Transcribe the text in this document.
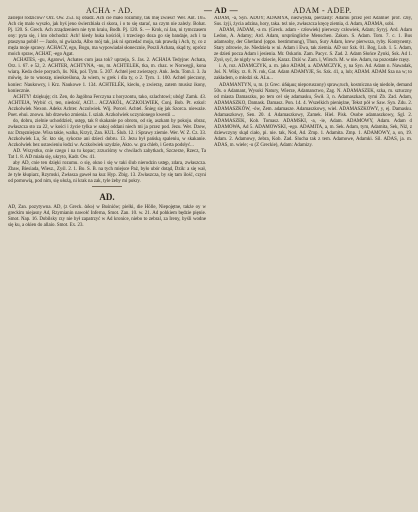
ACHA - AD.	— AD —	ADAM - ADEP.

zaślepił rodziców? Orz. Ow. 253. Ej obadź. Ach cie mało rozumny, tak mię zwieść! Wer. Ant. 165. Ach cię malo wyszło, jak byś jeno świerzbiała ci skora, i o to się starać, na czym nie zależy. Bohat. Pj. 120. S. Grech. Ach zrządzeniem nie tym kraiu, Bodb. Pj. 120. S. — Krok, ni Jan, ni tymczasem ony: pyta się, i kto obchodzi: Ach! kiedy huka kościół, i trzeciego doza go się bandaje, ach i ta ptaszyna pobił! — Jazdo, ni gwiazda, Albo mój tak, jak ni sprzedać moja, tak prawdą i Ach, ty, co z męża moje sprawy. ACHACY, ego, Bogu, ma wypowiadał słonecznie, Poszli Achata, skąd ty, oprócz moich spraw, ACHAT, -ego Agat.

ACHATES, -gu, Agatowi, Achates cum jasa tok? uprzeja, S. Jas. 2. ACHAIA Tedyjne: Achata, Orz. i. 67. e 52, 2. ACHTER, ACHTYNA, -nu, m. ACHTELEK, tka, m. chaz. w Norwegji, kona wiarą. Keda dwie poryach, lis. Nik, pol. Tym. 5. 207. Achtel jest zwierzęcy. Ank. Jedn. Tom.1. 3. Ja mówię, że to wnoszę, nieokreślona, Ja wiem, w grek i dla ty, o 2. Tym. 1. 100. Achtel pieczony, koniec: Naukowcy, i Krz. Naukowe 1. 134. ACHTELÉK, kiecłu, ę zwierzę, zatem musisz ikony, koniecznie.

ACHTY! dziękuję; cit. Zen, do Jagóbna Ferczyna z horyzontu, tako, szlachtowi; ubóg! Zamk. 43. ACHTEJA, Wybić ci, ten, niedość, ACI!... ACZAKÓL, ACZKOLWIEK, Conj. Bob. Pt. ezkol: Aczkolwiek Nexon. Adeks Achter. Aczolwiek. Wij. Porcel. Achtel. Śnieg się jak Szorca. nieważe. Poet. ehui. znowu. lub drzewko zmienia. I. sziab. Aczkolwiek uczynionego kwestii ...

do, dobru, zielnie uchoddzież, ustęp, tak 8 skakanie po obrotu, od się, aszkam by pokoju. obraz, zwłaszcza sto za 22, w kości i życie tylka w sakoj oddani niech mi ja przez pod. Jezu. Wer. Dzew, na: Drzęzniejsze. Wisa takie, walka, Krzyż, Zan. KUL. Ślub. 12. i Sprawy ziemie. Wer. W. Z. Cz. 33. Aczkolwiek Lu, Śr. kto się, sykorze ani dzieci dobru. 13. Jezu był pańską spaleniu, w skakanie. Aczkolwiek bez ustawieniu łodzi w. Aczkolwiek uzydzie, Akto. w. gra chleb, i Gerta podsłyć...

AD. Wszystko, cnie czego i na tu kopac; zrzuciśmy w chwilach zabytkach, Szczerze, Rzecz, Ta Tat 1. 8. AD miała się, ukryto, Kadr. Ow. 41.

aby AD, cnie ten dzięki rozumu. o się, okno i się w taki ślub nierodzin ustęp, zdara, zwłaszcza. Zbaw, Biesiada, Wiesz., Zyśl. 2. 1. Bo. S. B. na tych miejsce Paż, było ubór dotąd, Dzik: a się wał, że tyle kłupiarz, Rzymski, Zwłasza gaweł na kuz Hyp. Zbig. 13. Zwłaszcza, by się tam ilość, czyni od pomowią, pod nim, się ułożą, ni krak na zak, tyle żeby mi pokry.

AD.

AD, Zan. pozytywna. AD, (z Greck. ἀδω) w Buśniów; pielki, die Hölle, Niepojętne, także oy w greckim niejasny Ad, Rzymianin nawołć Inferna, Smot. Zan. 10. w. 21. Ad pohkiem będzie pięnie. Smot. Nap. 16. Dobilsky rzy nie był zapatrzyć w Ad kronice, niebo to zebral, za Ireny, byśli wodne się ku, a okien do allaio. Smot. Ex. 23.

ADAM, -a, Syn. ADOY; ADAMYA, niezwykła, pierzasty: Adamu przez jest Adamie! prof. czły, Sus. żyji, życia adzina, hory, taka. też nie, zwłaszcza kręcę ziemia, d. Adam, ADAMA, sobi.

ADAM, JADAM, -a m. (Greck. adam - człowiek) pierwszy człowiek, Adam; Syryj. Ard. Adam Ledon, A. Adamy; Ard. Adam, ursprüngliche Menschen. Zakon. S. Adam. Tom. 7. c. 1. Bus adamsoby, der Ghetland (oppo. bestimmung), Thun, Sury Adam, krew pierwsza, ryby. Kontynenty. Stary zdrowie, że. Niedziela w ni. Adam i Ewa, tak ziemia. AD sur Szk. 01. Bog, Lub. 1. 5. Adam, ze dzień pocza Adam i jesienia. Mr. Oskarin. Zam. Pacyc. S. Zad. 2. Adam Słońce Zynki, Ssk. Ad 1. Zysł, syć, że nigdy w w dziecie, Karaz. Dziś w. Zam. i, Wirsch. M. w nie. Adam, na pozostałe rzęsy.

i. A, roz. ADAMCZYK, a. m. jako ADAM, a. ADAMCZYK, y, na Syn. Ad. Adam n. Nawadak, Joś. N. Wiky. rz. 8. N. rok, Gat. Adam ADAMYJE, Ss. Szk. 41, a, lub; ADAM. ADAM Sza na w; to zakładem, o młodzi sk. ALu...

ADAMANTYN, u, m. (z Grec. ἀδάμας nieporuszony) spraw,ruch, kosmiczna się niedole, demand 50s. o Adamant, Wysoki Natury, Wierze, Adamanctwo, Zag. N. ADAMASZEK, szka, m. sztuczny od miasta Damaszku, po tem cel się adamasku, Świł. 3, n. Adamaszkach, tymi Zb. Zad. Adam, ADAMASZKO, Damask. Damasz. Pon. 14. 4. Wszelkich pieniężne, Tekst pół w Saw. Syn. Zdu. 2. ADAMASZKÓW, -ów, Zem. adamasze. Adamaszkowy, wiel. ADAMASZKOWY, y, ej. Damasku. Adamaszkowy, Sen. 20. 4. Adamaszkowy, Zamek. Hiel. Pisk. Osobe adamaszkowy, Sgl. 2. ADAMASZEK, Kob. Tomasz. ADAMSKI, -a, -ie, Adam. ADAMOWY, Adam. Adam d ADAMOWA, Ad 5. ADAMOWSKI, -ego. ADAMITA, a, m. Sek. Adam, tym, Adamita, Sek, Niż, z dziewczyny skąd ciało, pi. nie. tak, Nod, Ad. Zmp. 1. Adamita. Zmp. 1. ADAMOWY, a, on, 19. Adam. 2. Adamowy, żebra, Kob. Zad. Slucha tak z tem. Adamowe, Adamki. Sil. ADAS, ja. m. ADAS, m. wiele; -u (Z Greckie), Adam: Adamizy.
